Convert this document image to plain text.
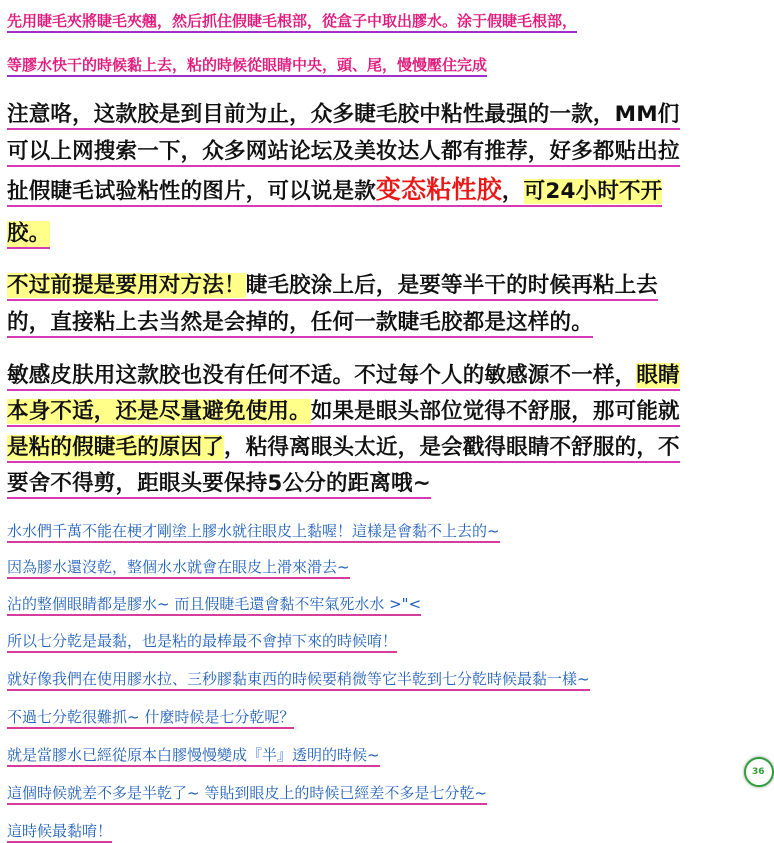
先用睫毛夾將睫毛夾翹，然后抓住假睫毛根部，從盒子中取出膠水。涂于假睫毛根部，
等膠水快干的時候黏上去，粘的時候從眼睛中央，頭、尾，慢慢壓住完成
注意咯，这款胶是到目前为止，众多睫毛胶中粘性最强的一款，MM们
可以上网搜索一下，众多网站论坛及美妆达人都有推荐，好多都贴出拉
扯假睫毛试验粘性的图片，可以说是款变态粘性胶，可24小时不开
胶。
不过前提是要用对方法！睫毛胶涂上后，是要等半干的时候再粘上去
的，直接粘上去当然是会掉的，任何一款睫毛胶都是这样的。
敏感皮肤用这款胶也没有任何不适。不过每个人的敏感源不一样，眼睛
本身不适，还是尽量避免使用。如果是眼头部位觉得不舒服，那可能就
是粘的假睫毛的原因了，粘得离眼头太近，是会戳得眼睛不舒服的，不
要舍不得剪，距眼头要保持5公分的距离哦~
水水們千萬不能在梗才剛塗上膠水就往眼皮上黏喔！這樣是會黏不上去的~
因為膠水還沒乾，整個水水就會在眼皮上滑來滑去~
沾的整個眼睛都是膠水~ 而且假睫毛還會黏不牢氣死水水 >"<
所以七分乾是最黏，也是粘的最棒最不會掉下來的時候唷！
就好像我們在使用膠水拉、三秒膠黏東西的時候要稍微等它半乾到七分乾時候最黏一樣~
不過七分乾很難抓~ 什麼時候是七分乾呢？
就是當膠水已經從原本白膠慢慢變成『半』透明的時候~
這個時候就差不多是半乾了~ 等貼到眼皮上的時候已經差不多是七分乾~
這時候最黏唷！
36
